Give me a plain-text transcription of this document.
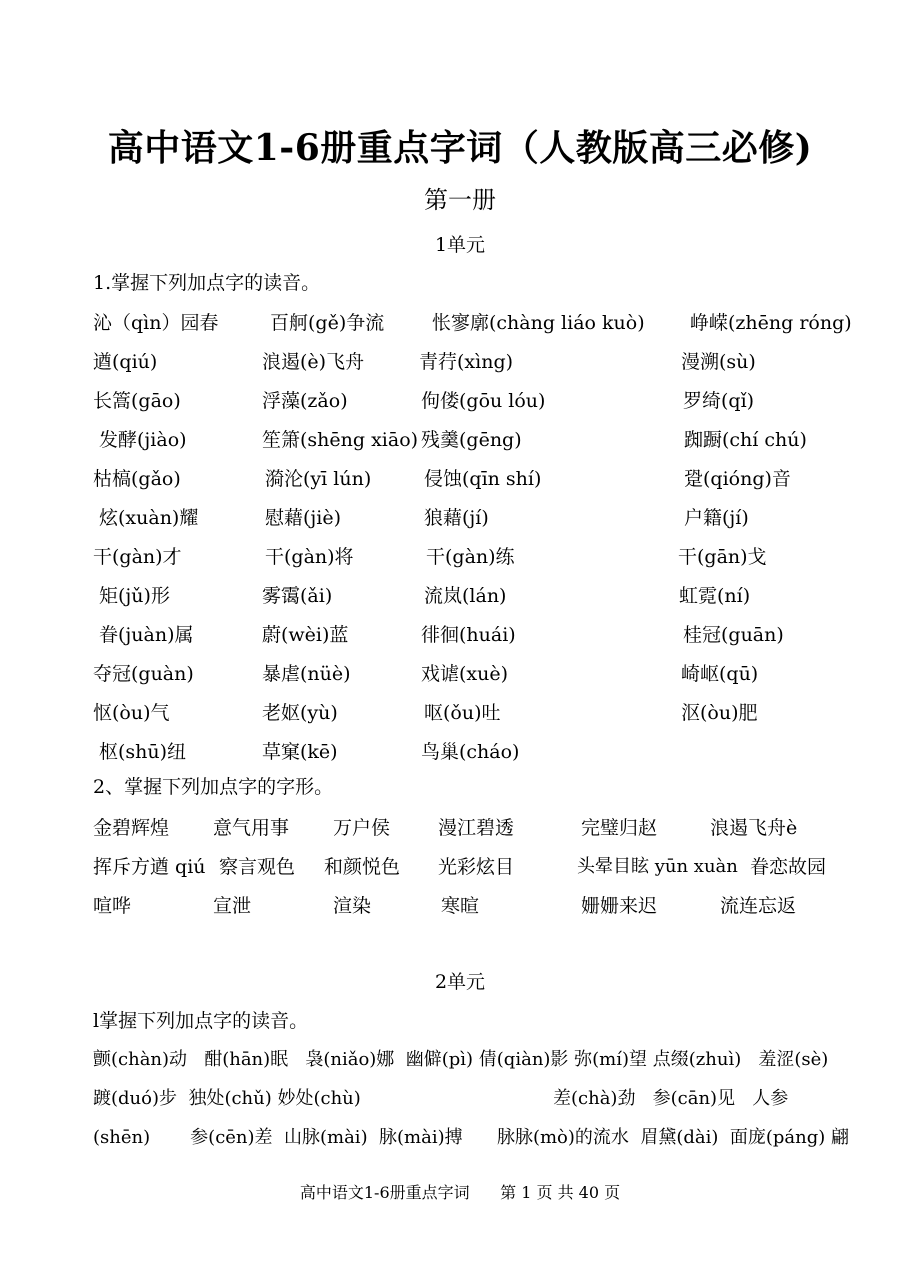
高中语文1-6册重点字词（人教版高三必修)
第一册
1单元
1.掌握下列加点字的读音。
沁（qìn）园春	百舸(gě)争流	怅寥廓(chàng liáo kuò) 峥嵘(zhēng róng)
遒(qiú)	浪遏(è)飞舟	青荇(xìng)	漫溯(sù)
长篙(gāo)	浮藻(zǎo)	佝偻(gōu lóu)	罗绮(qǐ)
发酵(jiào)	笙箫(shēng xiāo) 残羹(gēng)	踟蹰(chí chú)
枯槁(gǎo)	漪沦(yī lún)	侵蚀(qīn shí)	跫(qióng)音
炫(xuàn)耀	慰藉(jiè)	狼藉(jí)	户籍(jí)
干(gàn)才	干(gàn)将	干(gàn)练	干(gān)戈
矩(jǔ)形	雾霭(ǎi)	流岚(lán)	虹霓(ní)
眷(juàn)属	蔚(wèi)蓝	徘徊(huái)	桂冠(guān)
夺冠(guàn)	暴虐(nüè)	戏谑(xuè)	崎岖(qū)
怄(òu)气	老妪(yù)	呕(ǒu)吐	沤(òu)肥
枢(shū)纽	草窠(kē)	鸟巢(cháo)
2、掌握下列加点字的字形。
金碧辉煌 意气用事 万户侯	漫江碧透	完璧归赵	浪遏飞舟è
挥斥方遒 qiú 察言观色 和颜悦色 光彩炫目	头晕目眩 yūn xuàn 眷恋故园
喧哗	宣泄	渲染	寒暄	姗姗来迟	流连忘返
2单元
l掌握下列加点字的读音。
颤(chàn)动   酣(hān)眠   袅(niǎo)娜  幽僻(pì) 倩(qiàn)影 弥(mí)望 点缀(zhuì)   羞涩(sè)
踱(duó)步  独处(chǔ) 妙处(chù)	差(chà)劲   参(cān)见   人参
(shēn)       参(cēn)差  山脉(mài)  脉(mài)搏      脉脉(mò)的流水  眉黛(dài)  面庞(páng) 翩
高中语文1-6册重点字词 第 1 页 共 40 页
